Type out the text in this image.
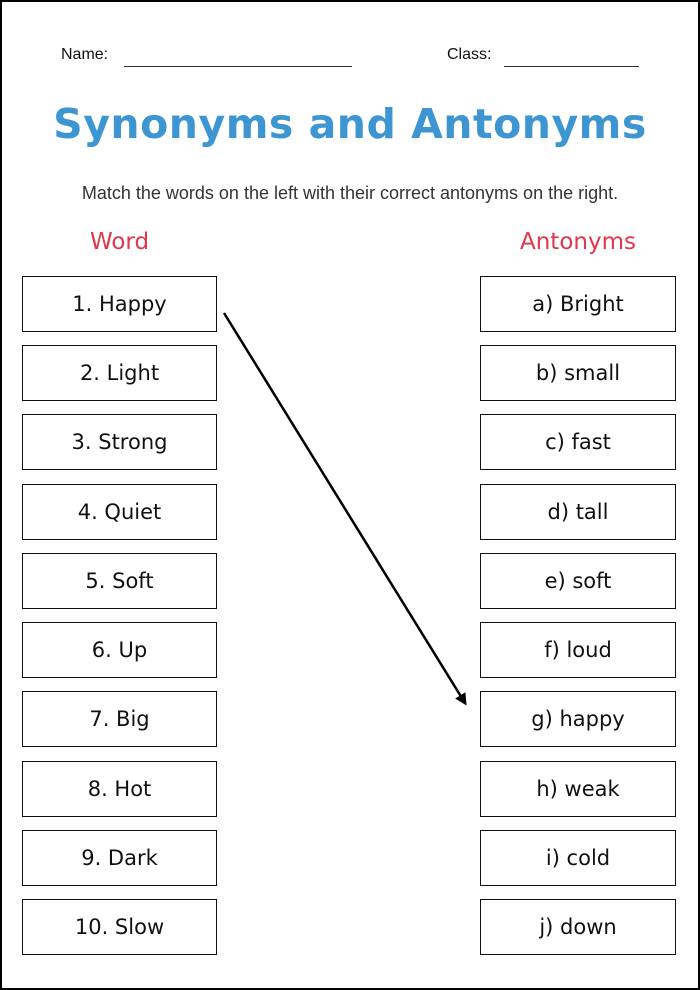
Name:	Class:
Synonyms and Antonyms
Match the words on the left with their correct antonyms on the right.
Word	Antonyms
1. Happy
2. Light
3. Strong
4. Quiet
5. Soft
6. Up
7. Big
8. Hot
9. Dark
10. Slow
a) Bright
b) small
c) fast
d) tall
e) soft
f) loud
g) happy
h) weak
i) cold
j) down
